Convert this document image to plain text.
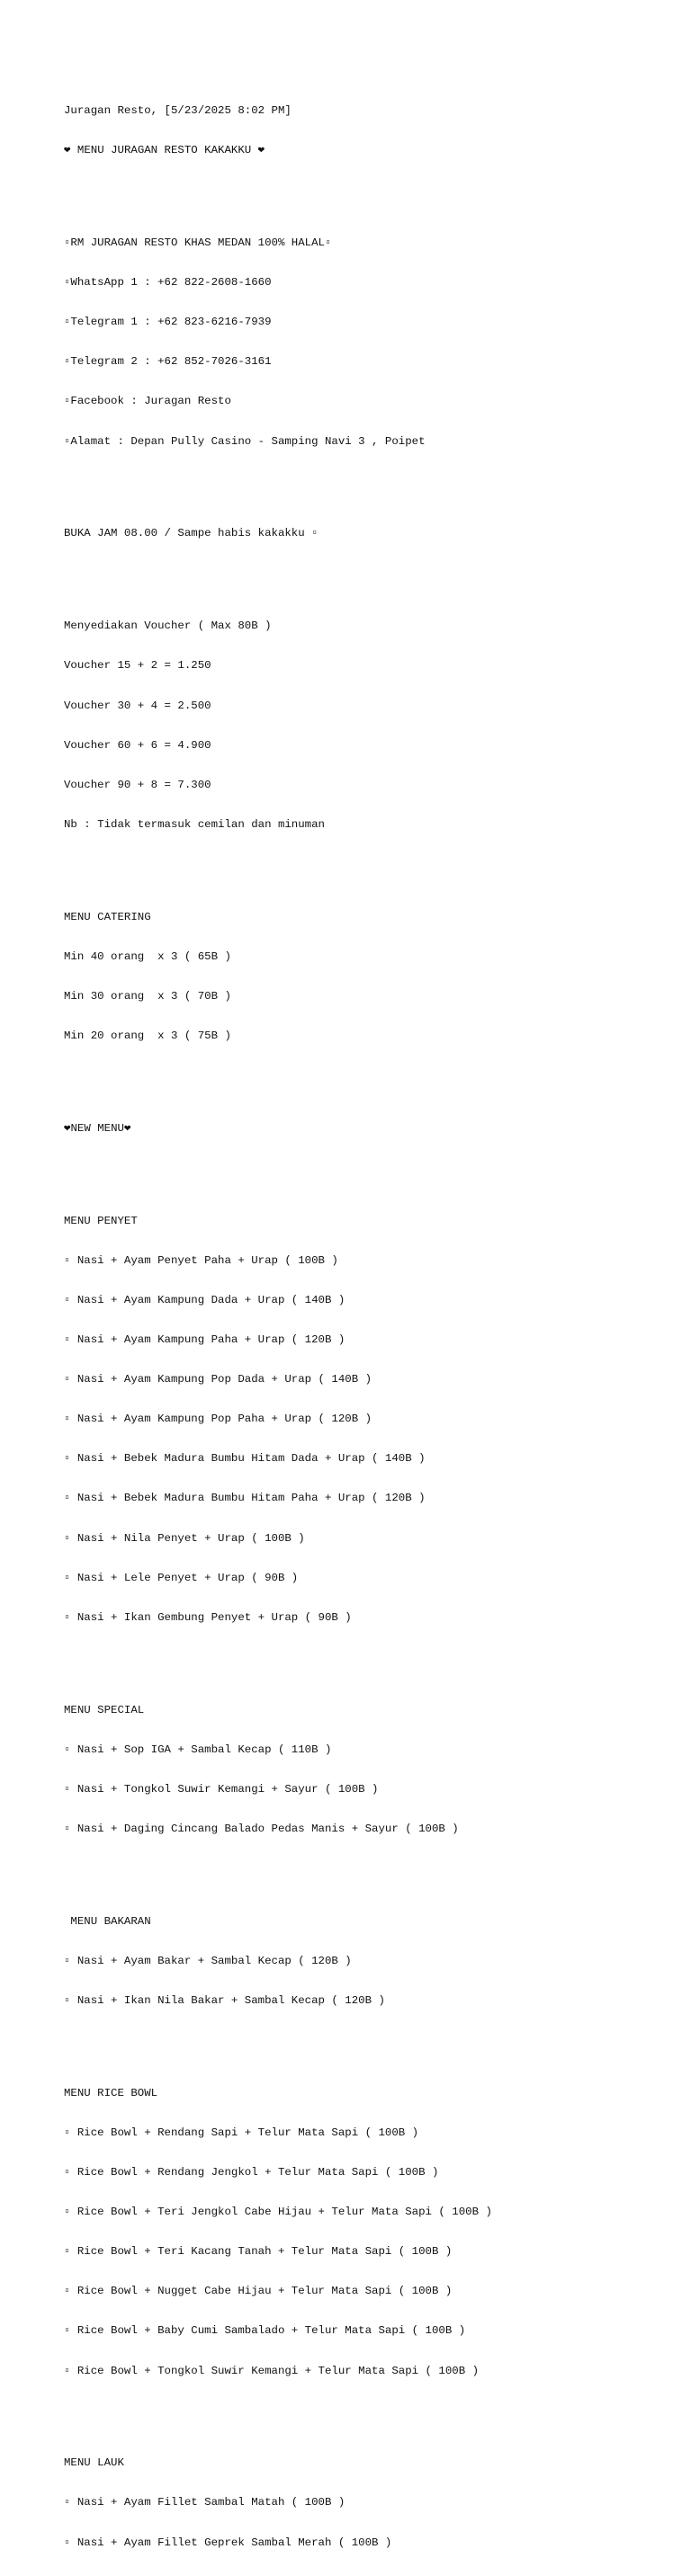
Juragan Resto, [5/23/2025 8:02 PM]

❤ MENU JURAGAN RESTO KAKAKKU ❤

▫RM JURAGAN RESTO KHAS MEDAN 100% HALAL▫

▫WhatsApp 1 : +62 822-2608-1660

▫Telegram 1 : +62 823-6216-7939

▫Telegram 2 : +62 852-7026-3161

▫Facebook : Juragan Resto

▫Alamat : Depan Pully Casino - Samping Navi 3 , Poipet

BUKA JAM 08.00 / Sampe habis kakakku ▫

Menyediakan Voucher ( Max 80B )

Voucher 15 + 2 = 1.250

Voucher 30 + 4 = 2.500

Voucher 60 + 6 = 4.900

Voucher 90 + 8 = 7.300

Nb : Tidak termasuk cemilan dan minuman

MENU CATERING

Min 40 orang  x 3 ( 65B )

Min 30 orang  x 3 ( 70B )

Min 20 orang  x 3 ( 75B )

❤NEW MENU❤

MENU PENYET

▫ Nasi + Ayam Penyet Paha + Urap ( 100B )

▫ Nasi + Ayam Kampung Dada + Urap ( 140B )

▫ Nasi + Ayam Kampung Paha + Urap ( 120B )

▫ Nasi + Ayam Kampung Pop Dada + Urap ( 140B )

▫ Nasi + Ayam Kampung Pop Paha + Urap ( 120B )

▫ Nasi + Bebek Madura Bumbu Hitam Dada + Urap ( 140B )

▫ Nasi + Bebek Madura Bumbu Hitam Paha + Urap ( 120B )

▫ Nasi + Nila Penyet + Urap ( 100B )

▫ Nasi + Lele Penyet + Urap ( 90B )

▫ Nasi + Ikan Gembung Penyet + Urap ( 90B )

MENU SPECIAL

▫ Nasi + Sop IGA + Sambal Kecap ( 110B )

▫ Nasi + Tongkol Suwir Kemangi + Sayur ( 100B )

▫ Nasi + Daging Cincang Balado Pedas Manis + Sayur ( 100B )

MENU BAKARAN

▫ Nasi + Ayam Bakar + Sambal Kecap ( 120B )

▫ Nasi + Ikan Nila Bakar + Sambal Kecap ( 120B )

MENU RICE BOWL

▫ Rice Bowl + Rendang Sapi + Telur Mata Sapi ( 100B )

▫ Rice Bowl + Rendang Jengkol + Telur Mata Sapi ( 100B )

▫ Rice Bowl + Teri Jengkol Cabe Hijau + Telur Mata Sapi ( 100B )

▫ Rice Bowl + Teri Kacang Tanah + Telur Mata Sapi ( 100B )

▫ Rice Bowl + Nugget Cabe Hijau + Telur Mata Sapi ( 100B )

▫ Rice Bowl + Baby Cumi Sambalado + Telur Mata Sapi ( 100B )

▫ Rice Bowl + Tongkol Suwir Kemangi + Telur Mata Sapi ( 100B )

MENU LAUK

▫ Nasi + Ayam Fillet Sambal Matah ( 100B )

▫ Nasi + Ayam Fillet Geprek Sambal Merah ( 100B )
